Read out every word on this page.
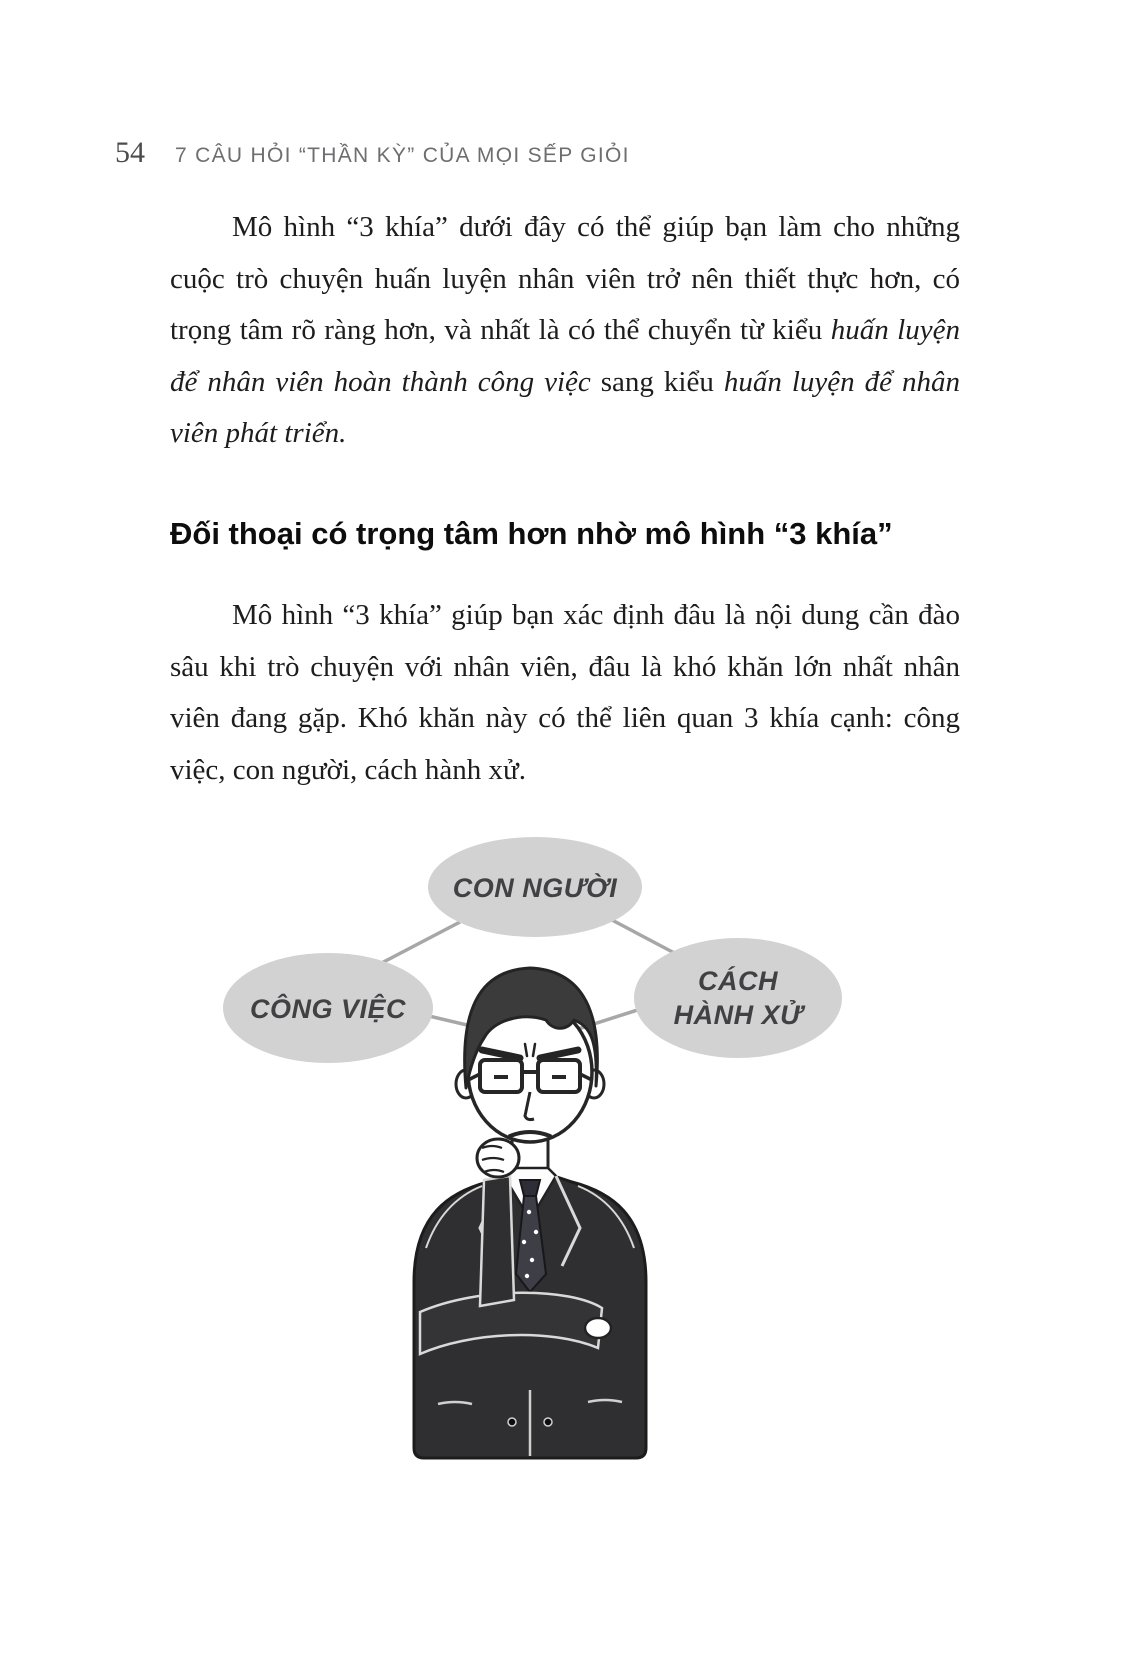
54 7 CÂU HỎI “THẦN KỲ” CỦA MỌI SẾP GIỎI

Mô hình “3 khía” dưới đây có thể giúp bạn làm cho những cuộc trò chuyện huấn luyện nhân viên trở nên thiết thực hơn, có trọng tâm rõ ràng hơn, và nhất là có thể chuyển từ kiểu huấn luyện để nhân viên hoàn thành công việc sang kiểu huấn luyện để nhân viên phát triển.

Đối thoại có trọng tâm hơn nhờ mô hình “3 khía”

Mô hình “3 khía” giúp bạn xác định đâu là nội dung cần đào sâu khi trò chuyện với nhân viên, đâu là khó khăn lớn nhất nhân viên đang gặp. Khó khăn này có thể liên quan 3 khía cạnh: công việc, con người, cách hành xử.

CON NGƯỜI
CÔNG VIỆC
CÁCH
HÀNH XỬ
